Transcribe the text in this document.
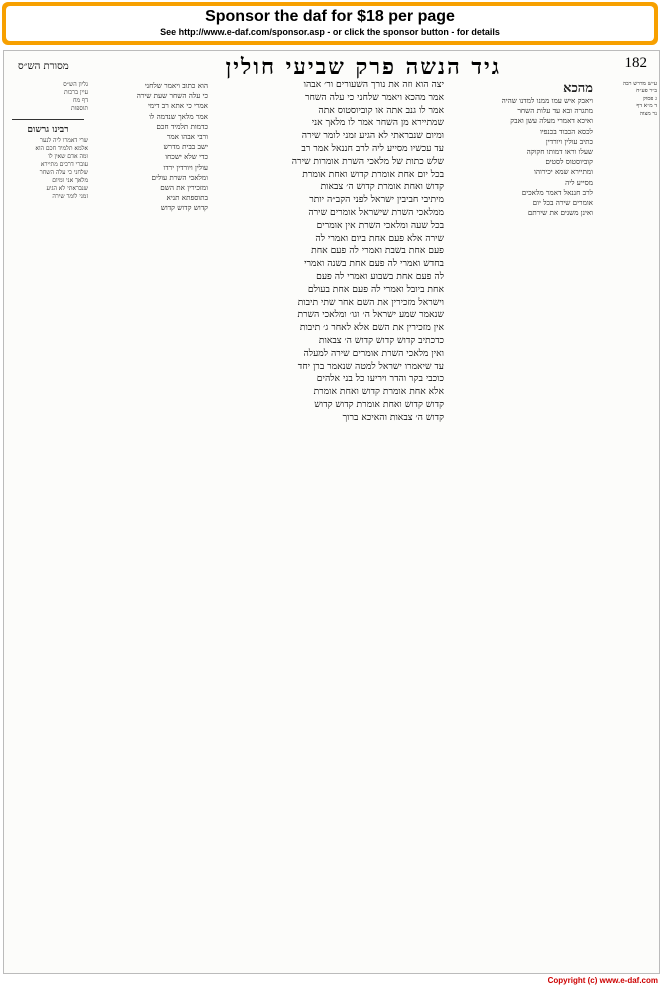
Sponsor the daf for $18 per page
See http://www.e-daf.com/sponsor.asp - or click the sponsor button - for details
182
גיד הנשה פרק שביעי חולין
מסורת הש״ס
ע״ש מדרש רבה
ב״ר פע״ח
ג פסוק
ד מ״א דף
נר מצוה
מהכא
ויאבק איש עמו ממנו למדנו שהיה
מתגרה ובא עד עלות השחר
ואיכא דאמרי מעלה עשן ואבק
לכסא הכבוד בכנפיו
כתיב עולין ויורדין
שעלו וראו דמותו חקוקה
קוביוסטוס לסטים
ומתיירא שמא יכירוהו
מסייע ליה
לרב חננאל דאמר מלאכים
אומרים שירה בכל יום
ואינן משנים את שירתם
יצה הוא וזה את נורך השעורים ור׳ אבהו
אמר מהכא ויאמר שלחני כי עלה השחר
אמר לו גנב אתה או קוביוסטוס אתה
שמתיירא מן השחר אמר לו מלאך אני
ומיום שנבראתי לא הגיע זמני לומר שירה
עד עכשיו מסייע ליה לרב חננאל אמר רב
שלש כתות של מלאכי השרת אומרות שירה
בכל יום אחת אומרת קדוש ואחת אומרת
קדוש ואחת אומרת קדוש ה׳ צבאות
מיתיבי חביבין ישראל לפני הקב״ה יותר
ממלאכי השרת שישראל אומרים שירה
בכל שעה ומלאכי השרת אין אומרים
שירה אלא פעם אחת ביום ואמרי לה
פעם אחת בשבת ואמרי לה פעם אחת
בחדש ואמרי לה פעם אחת בשנה ואמרי
לה פעם אחת בשבוע ואמרי לה פעם
אחת ביובל ואמרי לה פעם אחת בעולם
וישראל מזכירין את השם אחר שתי תיבות
שנאמר שמע ישראל ה׳ וגו׳ ומלאכי השרת
אין מזכירין את השם אלא לאחר ג׳ תיבות
כדכתיב קדוש קדוש קדוש ה׳ צבאות
ואין מלאכי השרת אומרים שירה למעלה
עד שיאמרו ישראל למטה שנאמר ברן יחד
כוכבי בקר והדר ויריעו כל בני אלהים
אלא אחת אומרת קדוש ואחת אומרת
קדוש קדוש ואחת אומרת קדוש קדוש
קדוש ה׳ צבאות והאיכא ברוך
הוא כתוב ויאמר שלחני
כי עלה השחר שעת שירה
אמרי כי אתא רב דימי
אמר מלאך שנדמה לו
כדמות תלמיד חכם
ורבי אבהו אמר
ישב בבית מדרש
כדי שלא ישכחו
עולין ויורדין ירדו
ומלאכי השרת עולים
ומזכירין את השם
בתוספתא תניא
קדוש קדוש קדוש
גליון הש״ס
עיין ברכות
דף מח
תוספות
רבינו גרשום
שרי דאמרו ליה לנער
אלמא תלמיד חכם הוא
ומה אדם שאין לו
עוברי דרכים מתיירא
שלחני כי עלה השחר
מלאך אני ומיום
שנבראתי לא הגיע
זמני לומר שירה
Copyright (c) www.e-daf.com
